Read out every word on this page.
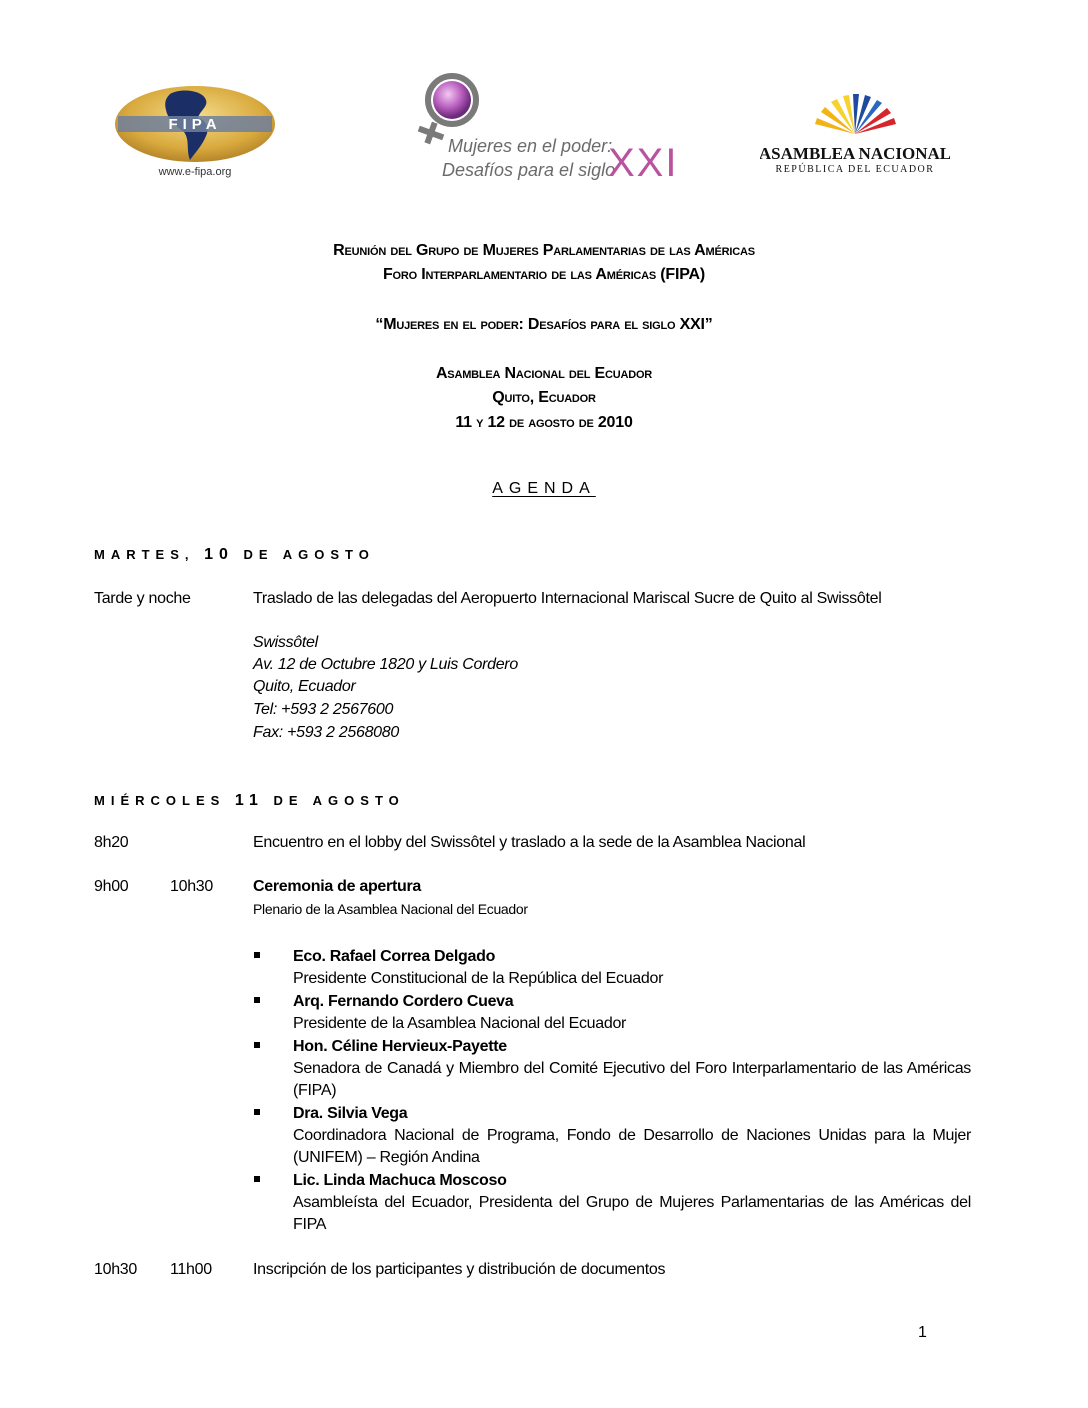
FIPA
www.e-fipa.org
Mujeres en el poder:
Desafíos para el siglo
XXI	ASAMBLEA NACIONAL
REPÚBLICA DEL ECUADOR
Reunión del Grupo de Mujeres Parlamentarias de las Américas
Foro Interparlamentario de las Américas (FIPA)
“Mujeres en el poder: Desafíos para el siglo XXI”
Asamblea Nacional del Ecuador
Quito, Ecuador
11 y 12 de agosto de 2010
AGENDA
MARTES, 10 DE AGOSTO
Tarde y noche	Traslado de las delegadas del Aeropuerto Internacional Mariscal Sucre de Quito al Swissôtel
Swissôtel
Av. 12 de Octubre 1820 y Luis Cordero
Quito, Ecuador
Tel: +593 2 2567600
Fax: +593 2 2568080
MIÉRCOLES 11 DE AGOSTO
8h20	Encuentro en el lobby del Swissôtel y traslado a la sede de la Asamblea Nacional
9h00	10h30	Ceremonia de apertura
Plenario de la Asamblea Nacional del Ecuador
Eco. Rafael Correa Delgado
Presidente Constitucional de la República del Ecuador
Arq. Fernando Cordero Cueva
Presidente de la Asamblea Nacional del Ecuador
Hon. Céline Hervieux-Payette
Senadora de Canadá y Miembro del Comité Ejecutivo del Foro Interparlamentario de las Américas (FIPA)
Dra. Silvia Vega
Coordinadora Nacional de Programa, Fondo de Desarrollo de Naciones Unidas para la Mujer (UNIFEM) – Región Andina
Lic. Linda Machuca Moscoso
Asambleísta del Ecuador, Presidenta del Grupo de Mujeres Parlamentarias de las Américas del FIPA
10h30 11h00	Inscripción de los participantes y distribución de documentos
1
